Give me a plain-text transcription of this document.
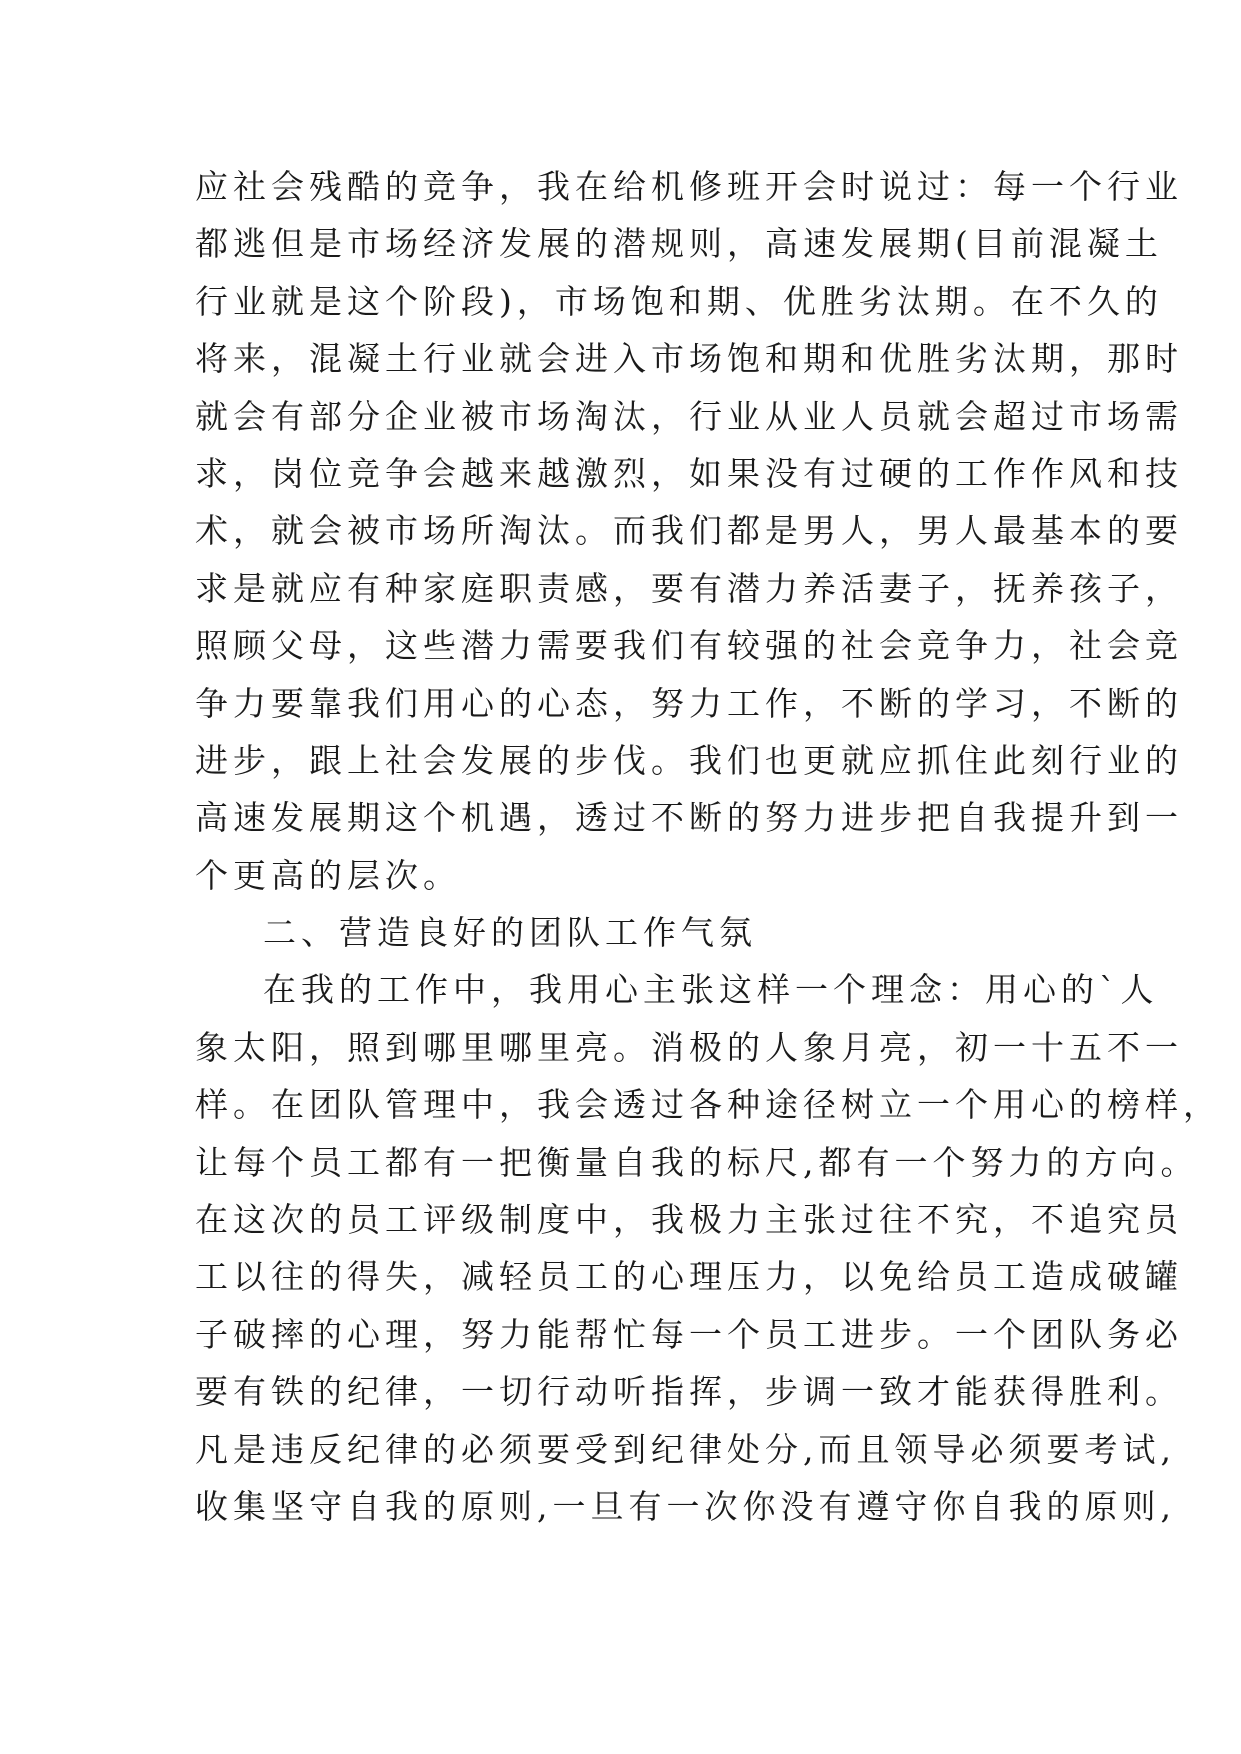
应社会残酷的竞争，我在给机修班开会时说过：每一个行业
都逃但是市场经济发展的潜规则，高速发展期(目前混凝土
行业就是这个阶段)，市场饱和期、优胜劣汰期。在不久的
将来，混凝土行业就会进入市场饱和期和优胜劣汰期，那时
就会有部分企业被市场淘汰，行业从业人员就会超过市场需
求，岗位竞争会越来越激烈，如果没有过硬的工作作风和技
术，就会被市场所淘汰。而我们都是男人，男人最基本的要
求是就应有种家庭职责感，要有潜力养活妻子，抚养孩子，
照顾父母，这些潜力需要我们有较强的社会竞争力，社会竞
争力要靠我们用心的心态，努力工作，不断的学习，不断的
进步，跟上社会发展的步伐。我们也更就应抓住此刻行业的
高速发展期这个机遇，透过不断的努力进步把自我提升到一
个更高的层次。
二、营造良好的团队工作气氛
在我的工作中，我用心主张这样一个理念：用心的`人
象太阳，照到哪里哪里亮。消极的人象月亮，初一十五不一
样。在团队管理中，我会透过各种途径树立一个用心的榜样，
让每个员工都有一把衡量自我的标尺,都有一个努力的方向。
在这次的员工评级制度中，我极力主张过往不究，不追究员
工以往的得失，减轻员工的心理压力，以免给员工造成破罐
子破摔的心理，努力能帮忙每一个员工进步。一个团队务必
要有铁的纪律，一切行动听指挥，步调一致才能获得胜利。
凡是违反纪律的必须要受到纪律处分,而且领导必须要考试,
收集坚守自我的原则,一旦有一次你没有遵守你自我的原则,
